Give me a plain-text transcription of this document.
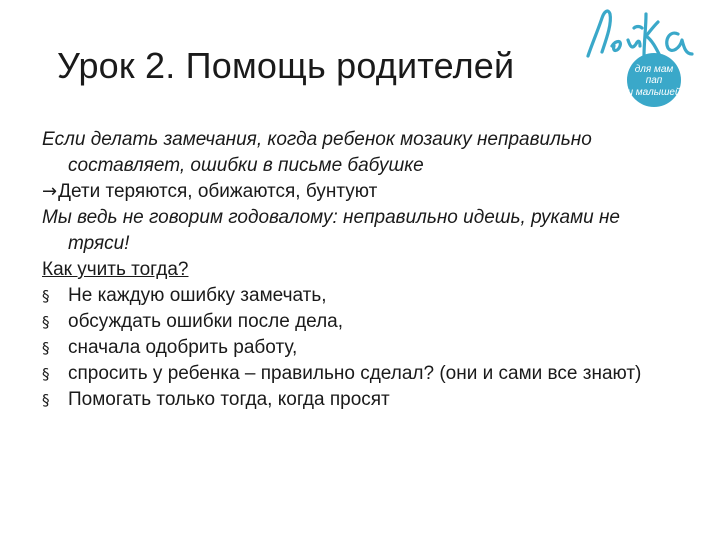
Урок 2. Помощь родителей	для мам
пап
и малышей

Если делать замечания, когда ребенок мозаику неправильно составляет, ошибки в письме бабушке

→ Дети теряются, обижаются, бунтуют

Мы ведь не говорим годовалому: неправильно идешь, руками не тряси!

Как учить тогда?

§ Не каждую ошибку замечать,
§ обсуждать ошибки после дела,
§ сначала одобрить работу,
§ спросить у ребенка – правильно сделал? (они и сами все знают)
§ Помогать только тогда, когда просят
